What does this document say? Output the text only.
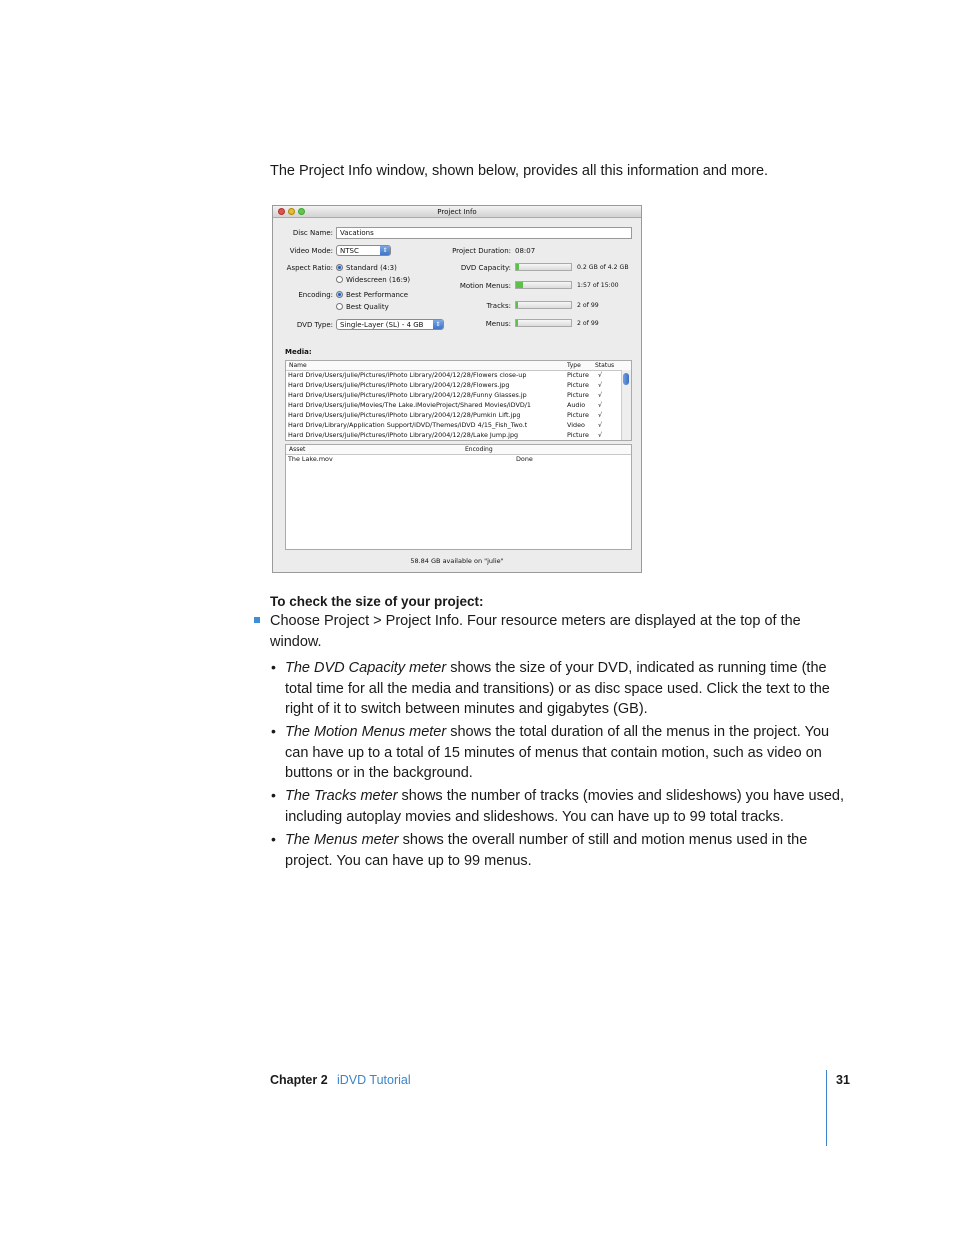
The Project Info window, shown below, provides all this information and more.
Project Info
Disc Name:	Vacations
Video Mode:	NTSC	⇕
Aspect Ratio: Standard (4:3)
Widescreen (16:9)
Encoding: Best Performance
Best Quality
DVD Type:	Single-Layer (SL) - 4 GB	⇕
Project Duration: 08:07
DVD Capacity:	0.2 GB of 4.2 GB
Motion Menus:	1:57 of 15:00
Tracks:	2 of 99
Menus:	2 of 99
Media:
Name	Type Status
Hard Drive/Users/julie/Pictures/iPhoto Library/2004/12/28/Flowers close-up	Picture √
Hard Drive/Users/julie/Pictures/iPhoto Library/2004/12/28/Flowers.jpg	Picture √
Hard Drive/Users/julie/Pictures/iPhoto Library/2004/12/28/Funny Glasses.jp	Picture √
Hard Drive/Users/julie/Movies/The Lake.iMovieProject/Shared Movies/iDVD/1	Audio √
Hard Drive/Users/julie/Pictures/iPhoto Library/2004/12/28/Pumkin Lift.jpg	Picture √
Hard Drive/Library/Application Support/iDVD/Themes/iDVD 4/15_Fish_Two.t	Video √
Hard Drive/Users/julie/Pictures/iPhoto Library/2004/12/28/Lake Jump.jpg	Picture √
Asset	Encoding
The Lake.mov	Done
58.84 GB available on "julie"
To check the size of your project:
Choose Project > Project Info. Four resource meters are displayed at the top of the
window.
• The DVD Capacity meter shows the size of your DVD, indicated as running time (the
total time for all the media and transitions) or as disc space used. Click the text to the
right of it to switch between minutes and gigabytes (GB).
• The Motion Menus meter shows the total duration of all the menus in the project. You
can have up to a total of 15 minutes of menus that contain motion, such as video on
buttons or in the background.
• The Tracks meter shows the number of tracks (movies and slideshows) you have used,
including autoplay movies and slideshows. You can have up to 99 total tracks.
• The Menus meter shows the overall number of still and motion menus used in the
project. You can have up to 99 menus.
Chapter 2 iDVD Tutorial	31
